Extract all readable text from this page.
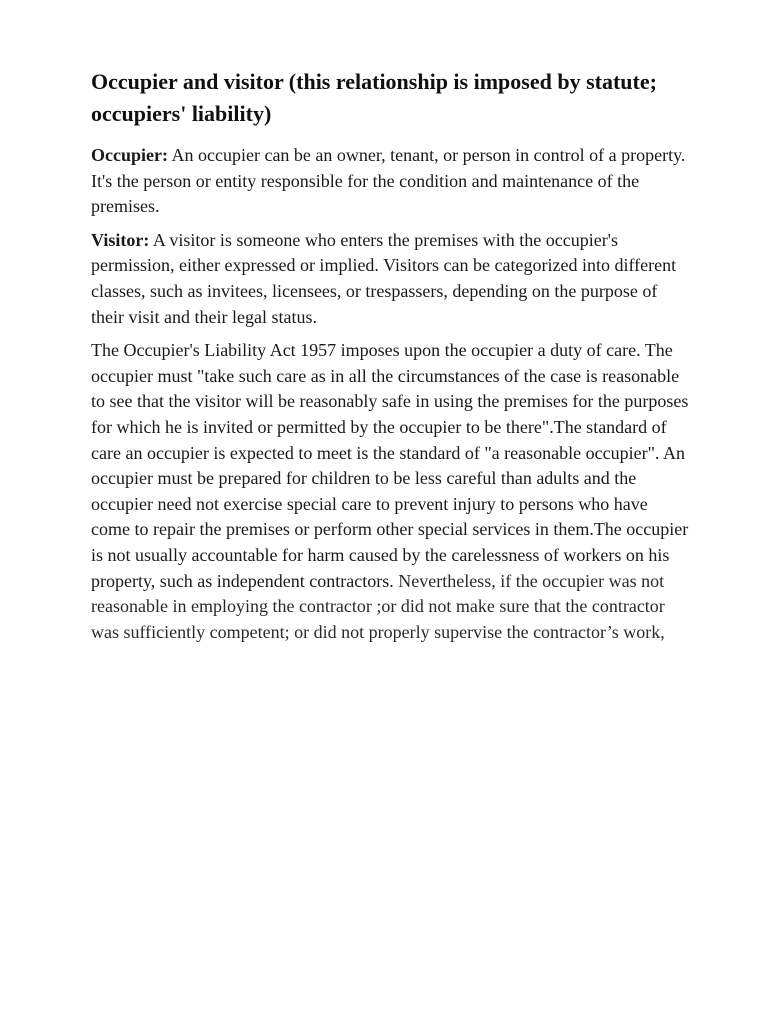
Occupier and visitor (this relationship is imposed by statute; occupiers' liability)

Occupier: An occupier can be an owner, tenant, or person in control of a property. It's the person or entity responsible for the condition and maintenance of the premises.

Visitor: A visitor is someone who enters the premises with the occupier's permission, either expressed or implied. Visitors can be categorized into different classes, such as invitees, licensees, or trespassers, depending on the purpose of their visit and their legal status.

The Occupier's Liability Act 1957 imposes upon the occupier a duty of care. The occupier must "take such care as in all the circumstances of the case is reasonable to see that the visitor will be reasonably safe in using the premises for the purposes for which he is invited or permitted by the occupier to be there".The standard of care an occupier is expected to meet is the standard of "a reasonable occupier". An occupier must be prepared for children to be less careful than adults and the occupier need not exercise special care to prevent injury to persons who have come to repair the premises or perform other special services in them.The occupier is not usually accountable for harm caused by the carelessness of workers on his property, such as independent contractors. Nevertheless, if the occupier was not reasonable in employing the contractor ;or did not make sure that the contractor was sufficiently competent; or did not properly supervise the contractor’s work,
